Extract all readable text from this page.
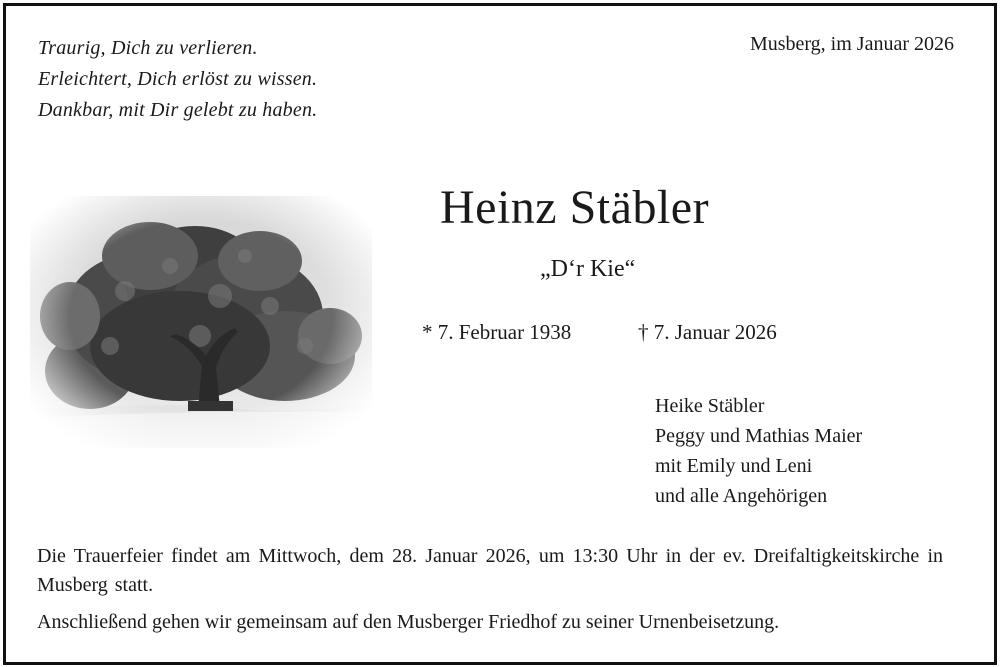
Traurig, Dich zu verlieren.
Erleichtert, Dich erlöst zu wissen.
Dankbar, mit Dir gelebt zu haben.
Musberg, im Januar 2026
Heinz Stäbler
„D‘r Kie“
* 7. Februar 1938	† 7. Januar 2026
Heike Stäbler
Peggy und Mathias Maier
mit Emily und Leni
und alle Angehörigen
Die Trauerfeier findet am Mittwoch, dem 28. Januar 2026, um 13:30 Uhr in der ev. Dreifaltigkeitskirche in Musberg statt.
Anschließend gehen wir gemeinsam auf den Musberger Friedhof zu seiner Urnenbeisetzung.
